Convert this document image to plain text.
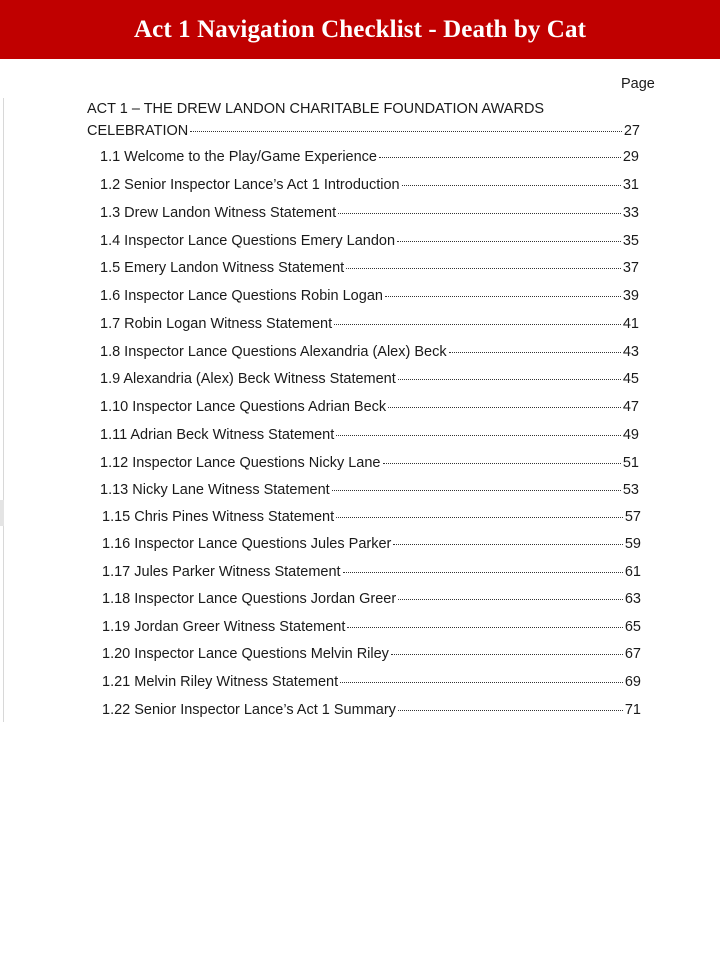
Act 1 Navigation Checklist - Death by Cat
Page
ACT 1 – THE DREW LANDON CHARITABLE FOUNDATION AWARDS
CELEBRATION	27
1.1 Welcome to the Play/Game Experience	29
1.2 Senior Inspector Lance’s Act 1 Introduction	31
1.3 Drew Landon Witness Statement	33
1.4 Inspector Lance Questions Emery Landon	35
1.5 Emery Landon Witness Statement	37
1.6 Inspector Lance Questions Robin Logan	39
1.7 Robin Logan Witness Statement	41
1.8 Inspector Lance Questions Alexandria (Alex) Beck	43
1.9 Alexandria (Alex) Beck Witness Statement	45
1.10 Inspector Lance Questions Adrian Beck	47
1.11 Adrian Beck Witness Statement	49
1.12 Inspector Lance Questions Nicky Lane	51
1.13 Nicky Lane Witness Statement	53
1.15 Chris Pines Witness Statement	57
1.16 Inspector Lance Questions Jules Parker	59
1.17 Jules Parker Witness Statement	61
1.18 Inspector Lance Questions Jordan Greer	63
1.19 Jordan Greer Witness Statement	65
1.20 Inspector Lance Questions Melvin Riley	67
1.21 Melvin Riley Witness Statement	69
1.22 Senior Inspector Lance’s Act 1 Summary	71
